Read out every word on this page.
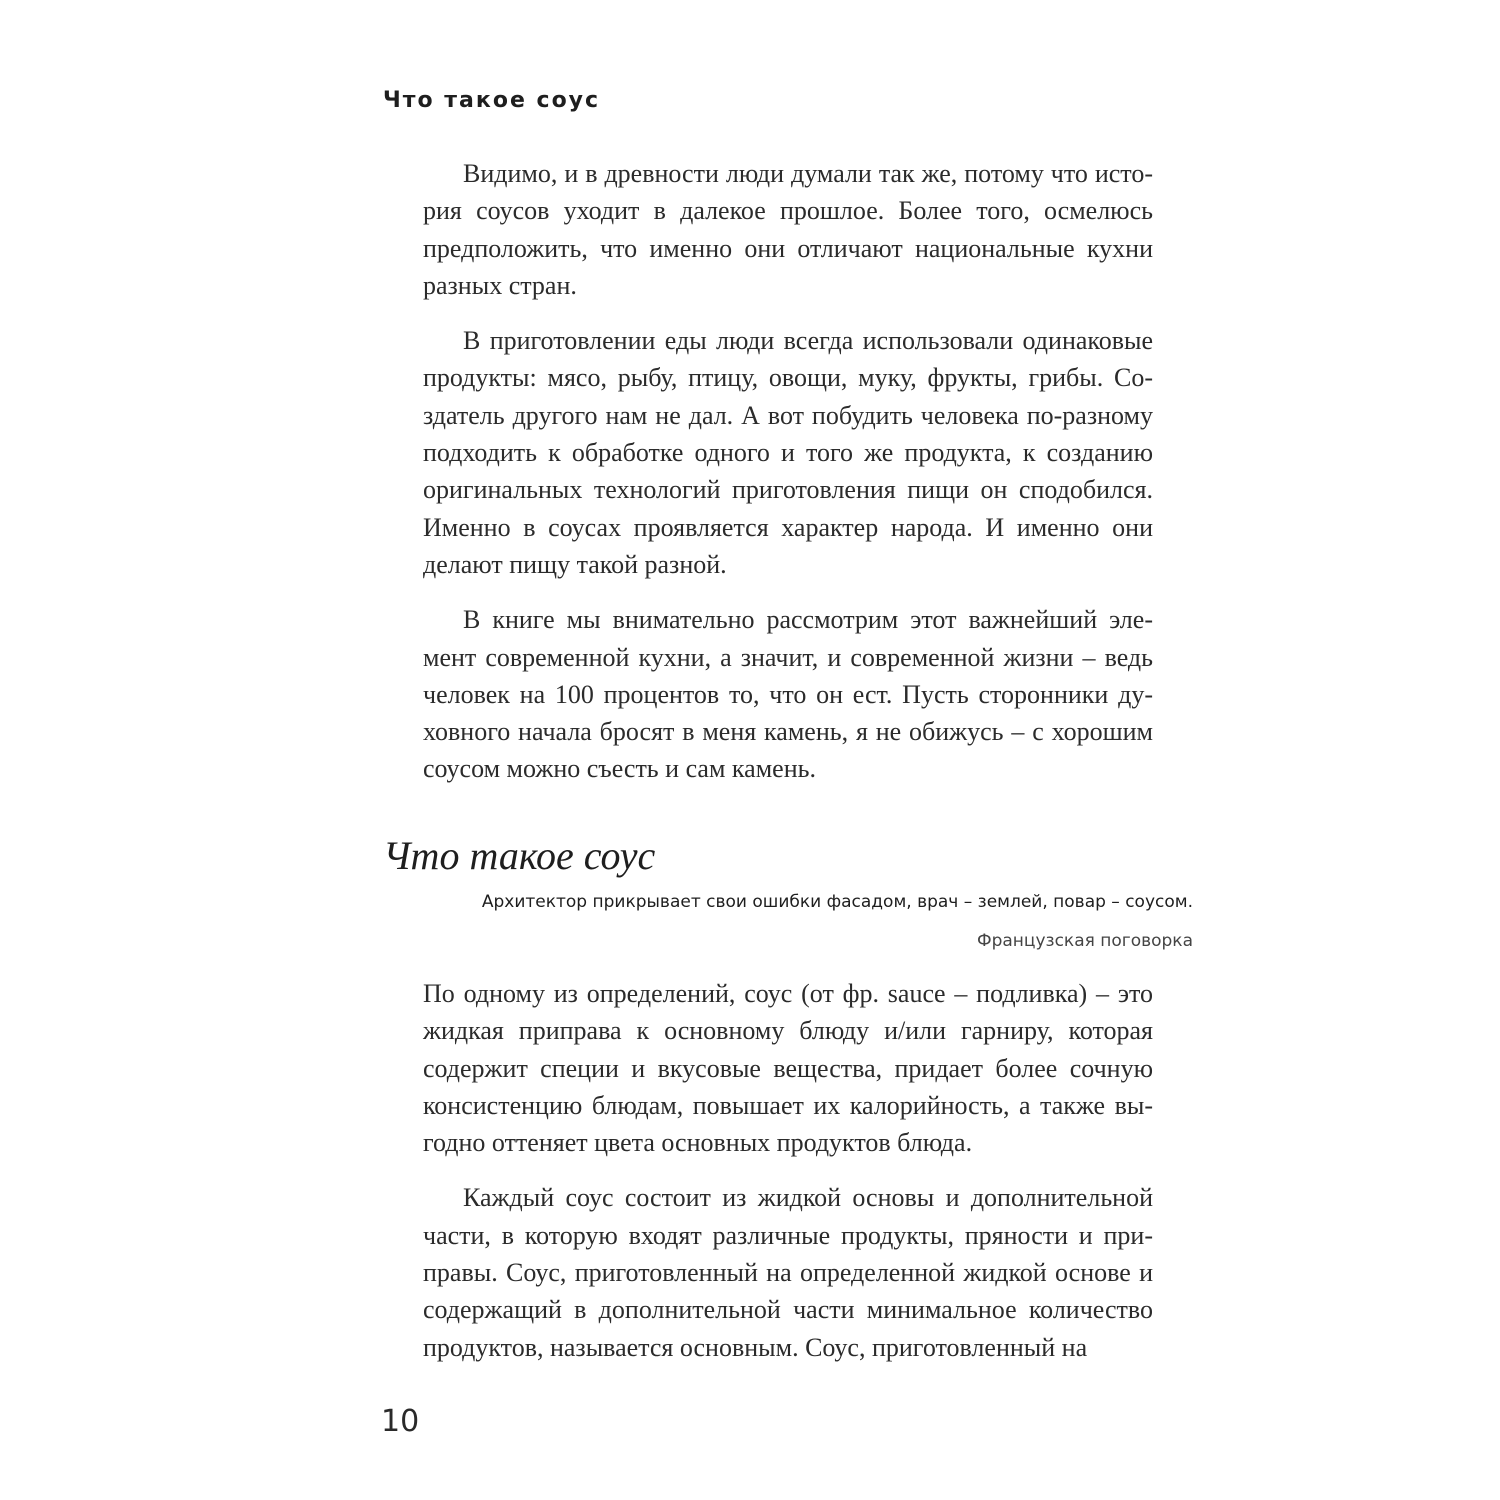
Что такое соус

Видимо, и в древности люди думали так же, потому что история соусов уходит в далекое прошлое. Более того, осмелюсь предположить, что именно они отличают национальные кухни разных стран.

В приготовлении еды люди всегда использовали одинаковые продукты: мясо, рыбу, птицу, овощи, муку, фрукты, грибы. Создатель другого нам не дал. А вот побудить человека по-разному подходить к обработке одного и того же продукта, к созданию оригинальных технологий приготовления пищи он сподобился. Именно в соусах проявляется характер народа. И именно они делают пищу такой разной.

В книге мы внимательно рассмотрим этот важнейший элемент современной кухни, а значит, и современной жизни – ведь человек на 100 процентов то, что он ест. Пусть сторонники духовного начала бросят в меня камень, я не обижусь – с хорошим соусом можно съесть и сам камень.

Что такое соус

Архитектор прикрывает свои ошибки фасадом, врач – землей, повар – соусом.

Французская поговорка

По одному из определений, соус (от фр. sauce – подливка) – это жидкая приправа к основному блюду и/или гарниру, которая содержит специи и вкусовые вещества, придает более сочную консистенцию блюдам, повышает их калорийность, а также выгодно оттеняет цвета основных продуктов блюда.

Каждый соус состоит из жидкой основы и дополнительной части, в которую входят различные продукты, пряности и приправы. Соус, приготовленный на определенной жидкой основе и содержащий в дополнительной части минимальное количество продуктов, называется основным. Соус, приготовленный на

10
